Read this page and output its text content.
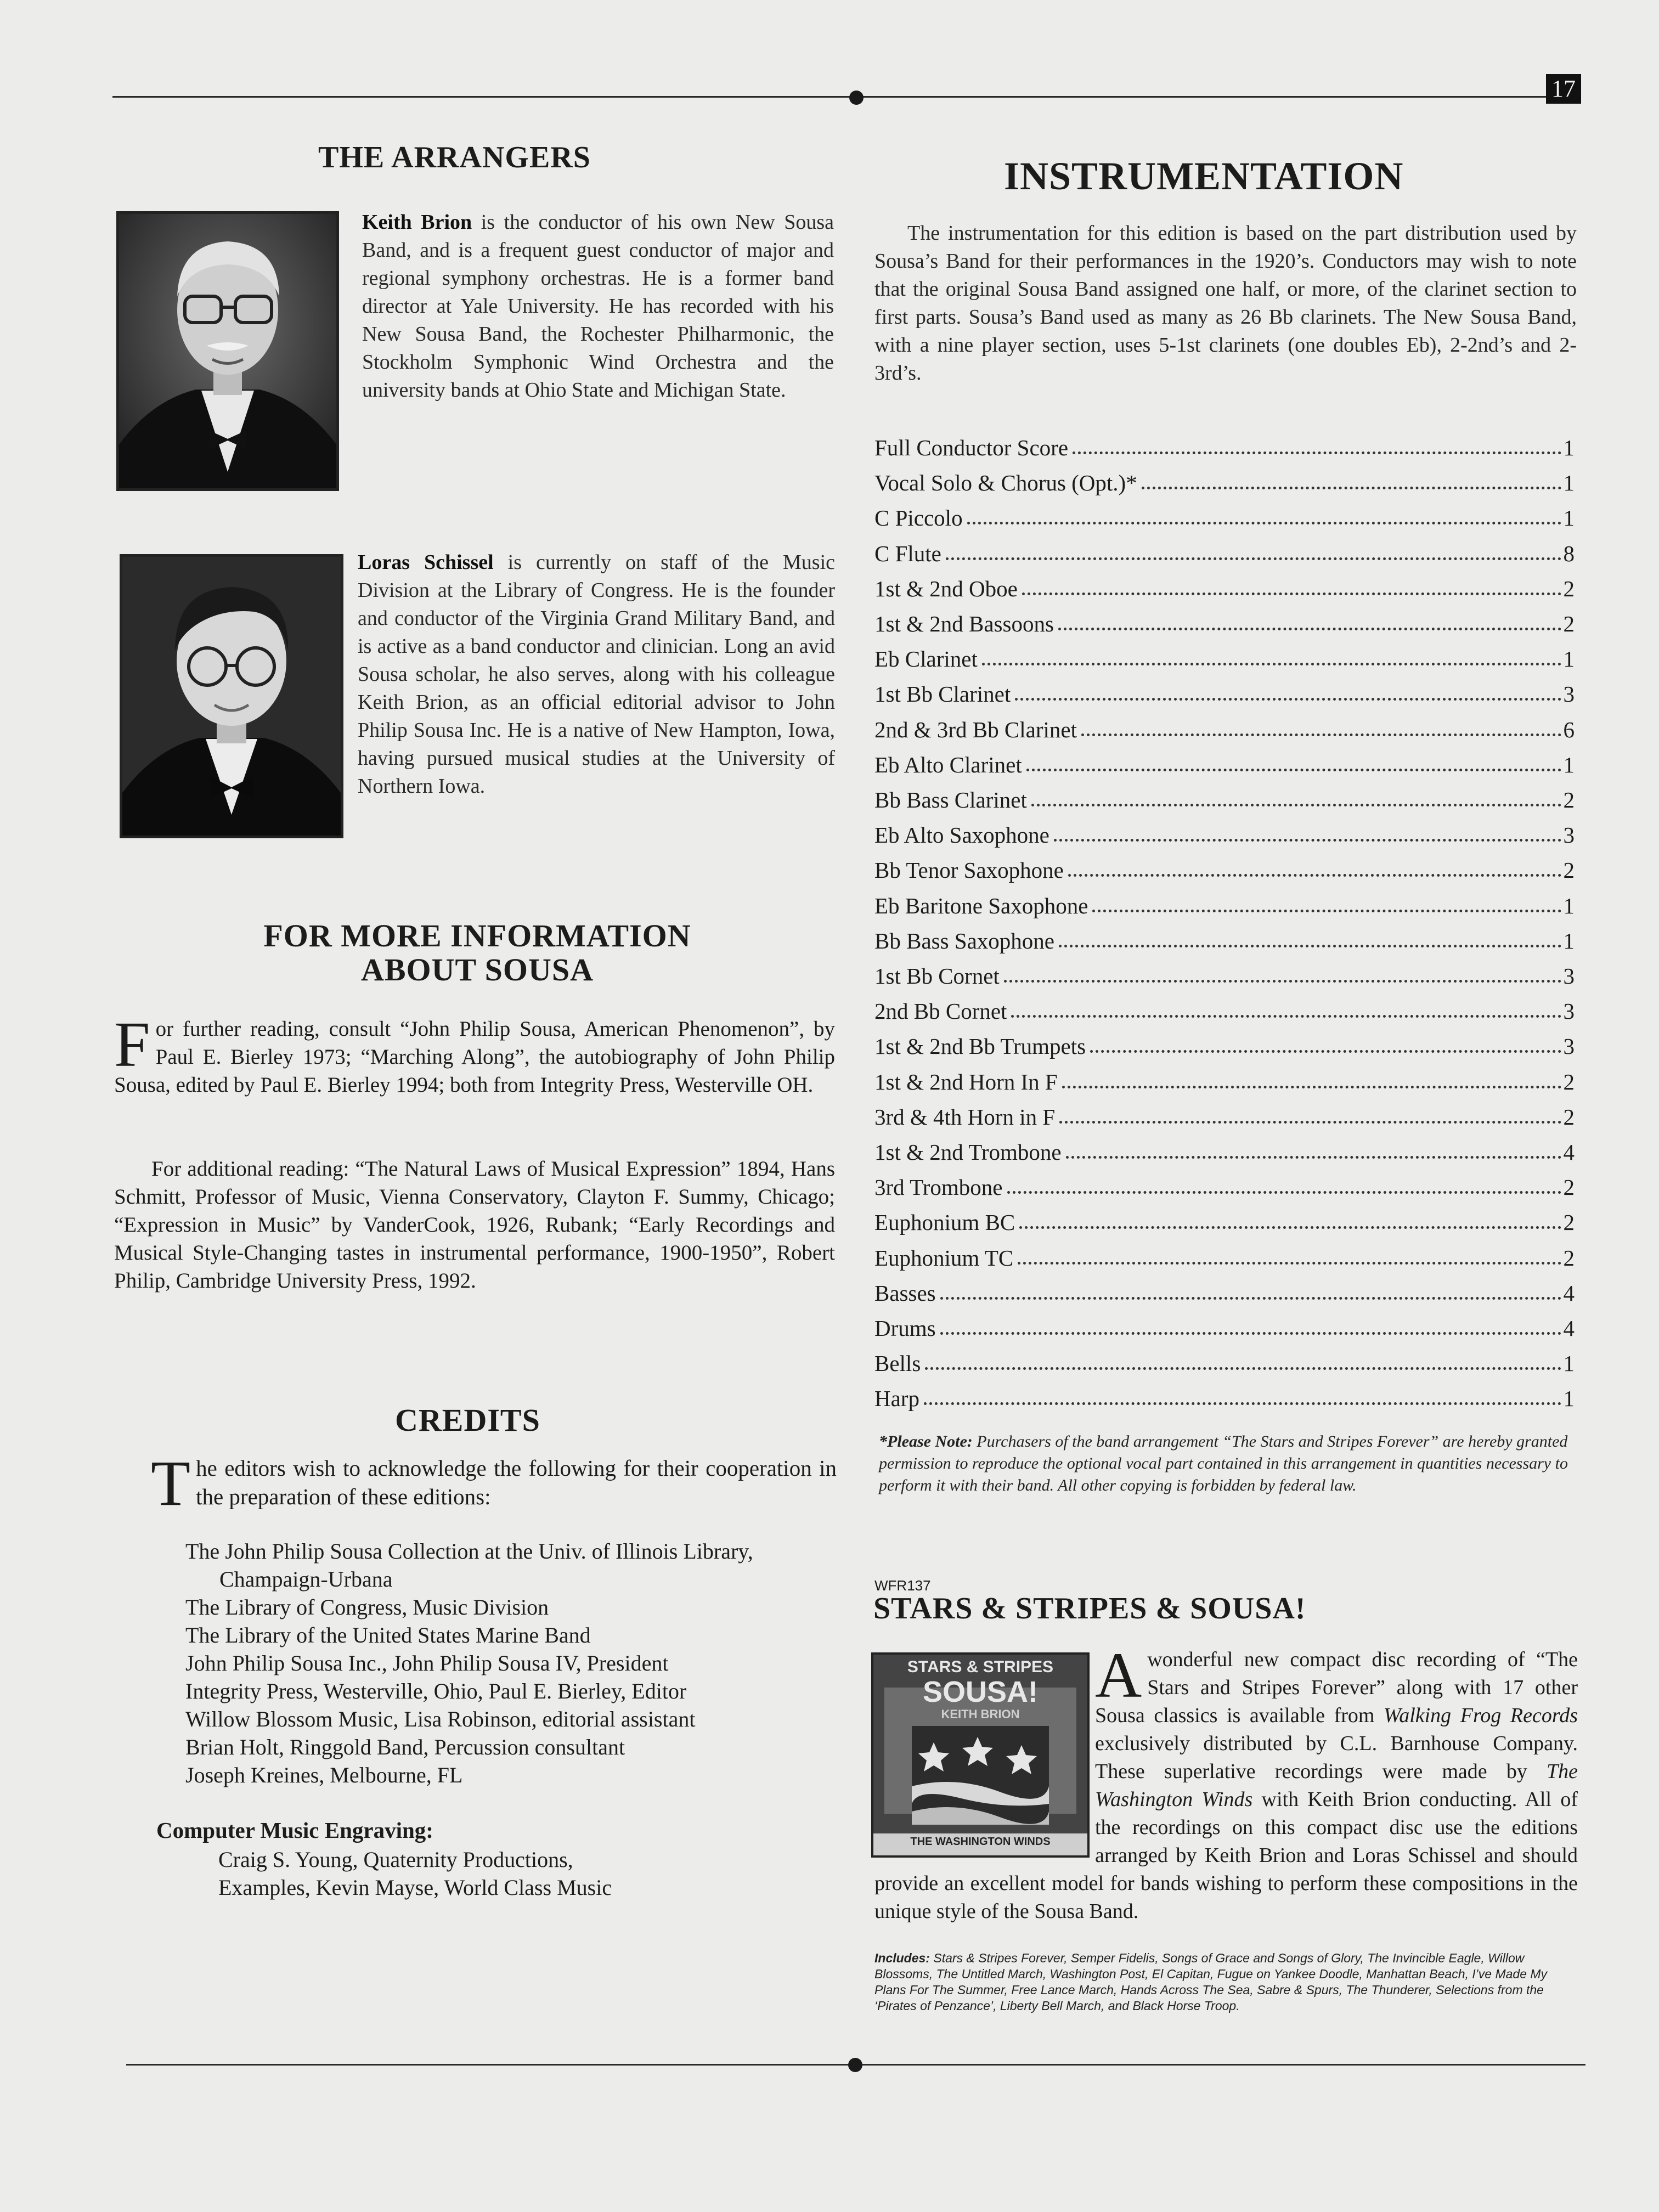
17
THE ARRANGERS
Keith Brion is the conductor of his own New Sousa Band, and is a frequent guest conductor of major and regional symphony orchestras. He is a former band director at Yale University. He has recorded with his New Sousa Band, the Rochester Philharmonic, the Stockholm Symphonic Wind Orchestra and the university bands at Ohio State and Michigan State.
Loras Schissel is currently on staff of the Music Division at the Library of Congress. He is the founder and conductor of the Virginia Grand Military Band, and is active as a band conductor and clinician. Long an avid Sousa scholar, he also serves, along with his colleague Keith Brion, as an official editorial advisor to John Philip Sousa Inc. He is a native of New Hampton, Iowa, having pursued musical studies at the University of Northern Iowa.
FOR MORE INFORMATION
ABOUT SOUSA
For further reading, consult “John Philip Sousa, American Phenomenon”, by Paul E. Bierley 1973; “Marching Along”, the autobiography of John Philip Sousa, edited by Paul E. Bierley 1994; both from Integrity Press, Westerville OH.
For additional reading: “The Natural Laws of Musical Expression” 1894, Hans Schmitt, Professor of Music, Vienna Conservatory, Clayton F. Summy, Chicago; “Expression in Music” by VanderCook, 1926, Rubank; “Early Recordings and Musical Style-Changing tastes in instrumental performance, 1900-1950”, Robert Philip, Cambridge University Press, 1992.
CREDITS
The editors wish to acknowledge the following for their cooperation in the preparation of these editions:
The John Philip Sousa Collection at the Univ. of Illinois Library,
Champaign-Urbana
The Library of Congress, Music Division
The Library of the United States Marine Band
John Philip Sousa Inc., John Philip Sousa IV, President
Integrity Press, Westerville, Ohio, Paul E. Bierley, Editor
Willow Blossom Music, Lisa Robinson, editorial assistant
Brian Holt, Ringgold Band, Percussion consultant
Joseph Kreines, Melbourne, FL
Computer Music Engraving:
Craig S. Young, Quaternity Productions,
Examples, Kevin Mayse, World Class Music
INSTRUMENTATION
The instrumentation for this edition is based on the part distribution used by Sousa’s Band for their performances in the 1920’s. Conductors may wish to note that the original Sousa Band assigned one half, or more, of the clarinet section to first parts. Sousa’s Band used as many as 26 Bb clarinets. The New Sousa Band, with a nine player section, uses 5-1st clarinets (one doubles Eb), 2-2nd’s and 2-3rd’s.
Full Conductor Score	1
Vocal Solo & Chorus (Opt.)*	1
C Piccolo	1
C Flute	8
1st & 2nd Oboe	2
1st & 2nd Bassoons	2
Eb Clarinet	1
1st Bb Clarinet	3
2nd & 3rd Bb Clarinet	6
Eb Alto Clarinet	1
Bb Bass Clarinet	2
Eb Alto Saxophone	3
Bb Tenor Saxophone	2
Eb Baritone Saxophone	1
Bb Bass Saxophone	1
1st Bb Cornet	3
2nd Bb Cornet	3
1st & 2nd Bb Trumpets	3
1st & 2nd Horn In F	2
3rd & 4th Horn in F	2
1st & 2nd Trombone	4
3rd Trombone	2
Euphonium BC	2
Euphonium TC	2
Basses	4
Drums	4
Bells	1
Harp	1
*Please Note: Purchasers of the band arrangement “The Stars and Stripes Forever” are hereby granted permission to reproduce the optional vocal part contained in this arrangement in quantities necessary to perform it with their band. All other copying is forbidden by federal law.
WFR137
STARS & STRIPES & SOUSA!
STARS & STRIPES
SOUSA!
KEITH BRION
THE WASHINGTON WINDS
A wonderful new compact disc recording of “The Stars and Stripes Forever” along with 17 other Sousa classics is available from Walking Frog Records exclusively distributed by C.L. Barnhouse Company. These superlative recordings were made by The Washington Winds with Keith Brion conducting. All of the recordings on this compact disc use the editions arranged by Keith Brion and Loras Schissel and should provide an excellent model for bands wishing to perform these compositions in the unique style of the Sousa Band.
Includes: Stars & Stripes Forever, Semper Fidelis, Songs of Grace and Songs of Glory, The Invincible Eagle, Willow Blossoms, The Untitled March, Washington Post, El Capitan, Fugue on Yankee Doodle, Manhattan Beach, I’ve Made My Plans For The Summer, Free Lance March, Hands Across The Sea, Sabre & Spurs, The Thunderer, Selections from the ‘Pirates of Penzance’, Liberty Bell March, and Black Horse Troop.
